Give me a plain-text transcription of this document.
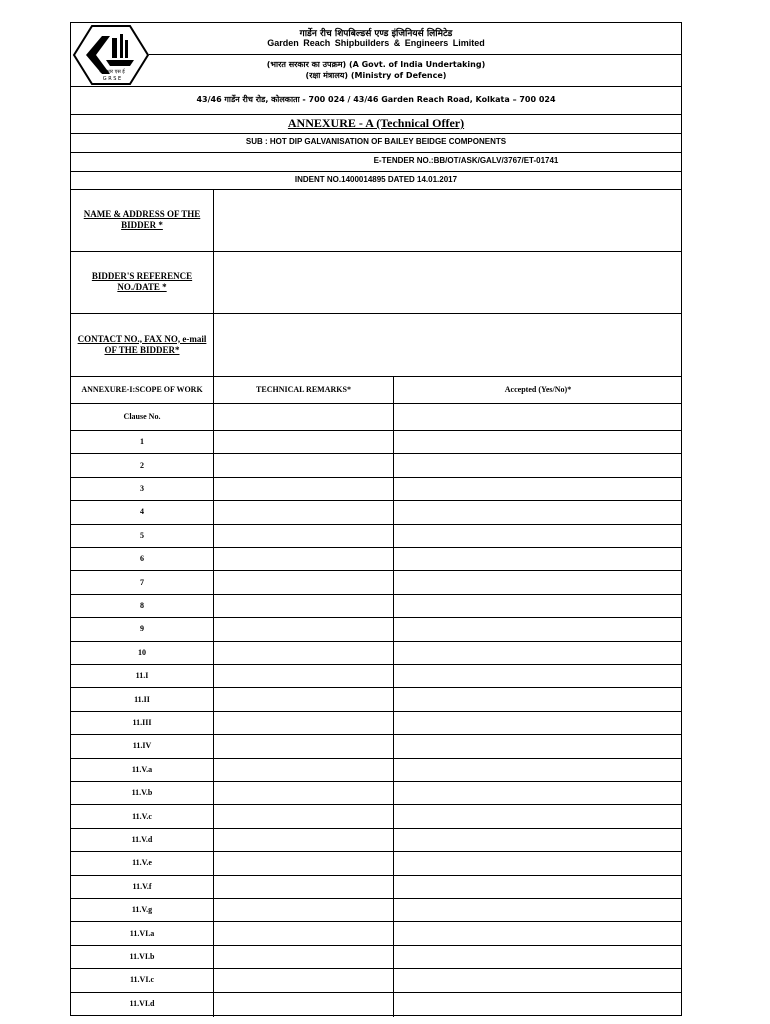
जी आर एस ई
G R S E
गार्डेन रीच शिपबिल्डर्स एण्ड इंजिनियर्स लिमिटेड
Garden Reach Shipbuilders & Engineers Limited
(भारत सरकार का उपक्रम) (A Govt. of India Undertaking)
(रक्षा मंत्रालय) (Ministry of Defence)
43/46 गार्डेन रीच रोड, कोलकाता - 700 024 / 43/46 Garden Reach Road, Kolkata – 700 024
ANNEXURE - A (Technical Offer)
SUB : HOT DIP GALVANISATION OF BAILEY BEIDGE COMPONENTS
E-TENDER NO.:BB/OT/ASK/GALV/3767/ET-01741
INDENT NO.1400014895 DATED 14.01.2017
NAME & ADDRESS OF THE BIDDER *
BIDDER'S REFERENCE NO./DATE *
CONTACT NO., FAX NO, e-mail OF THE BIDDER*
ANNEXURE-I:SCOPE OF WORK	TECHNICAL REMARKS*	Accepted (Yes/No)*
Clause No.
1
2
3
4
5
6
7
8
9
10
11.I
11.II
11.III
11.IV
11.V.a
11.V.b
11.V.c
11.V.d
11.V.e
11.V.f
11.V.g
11.VI.a
11.VI.b
11.VI.c
11.VI.d
